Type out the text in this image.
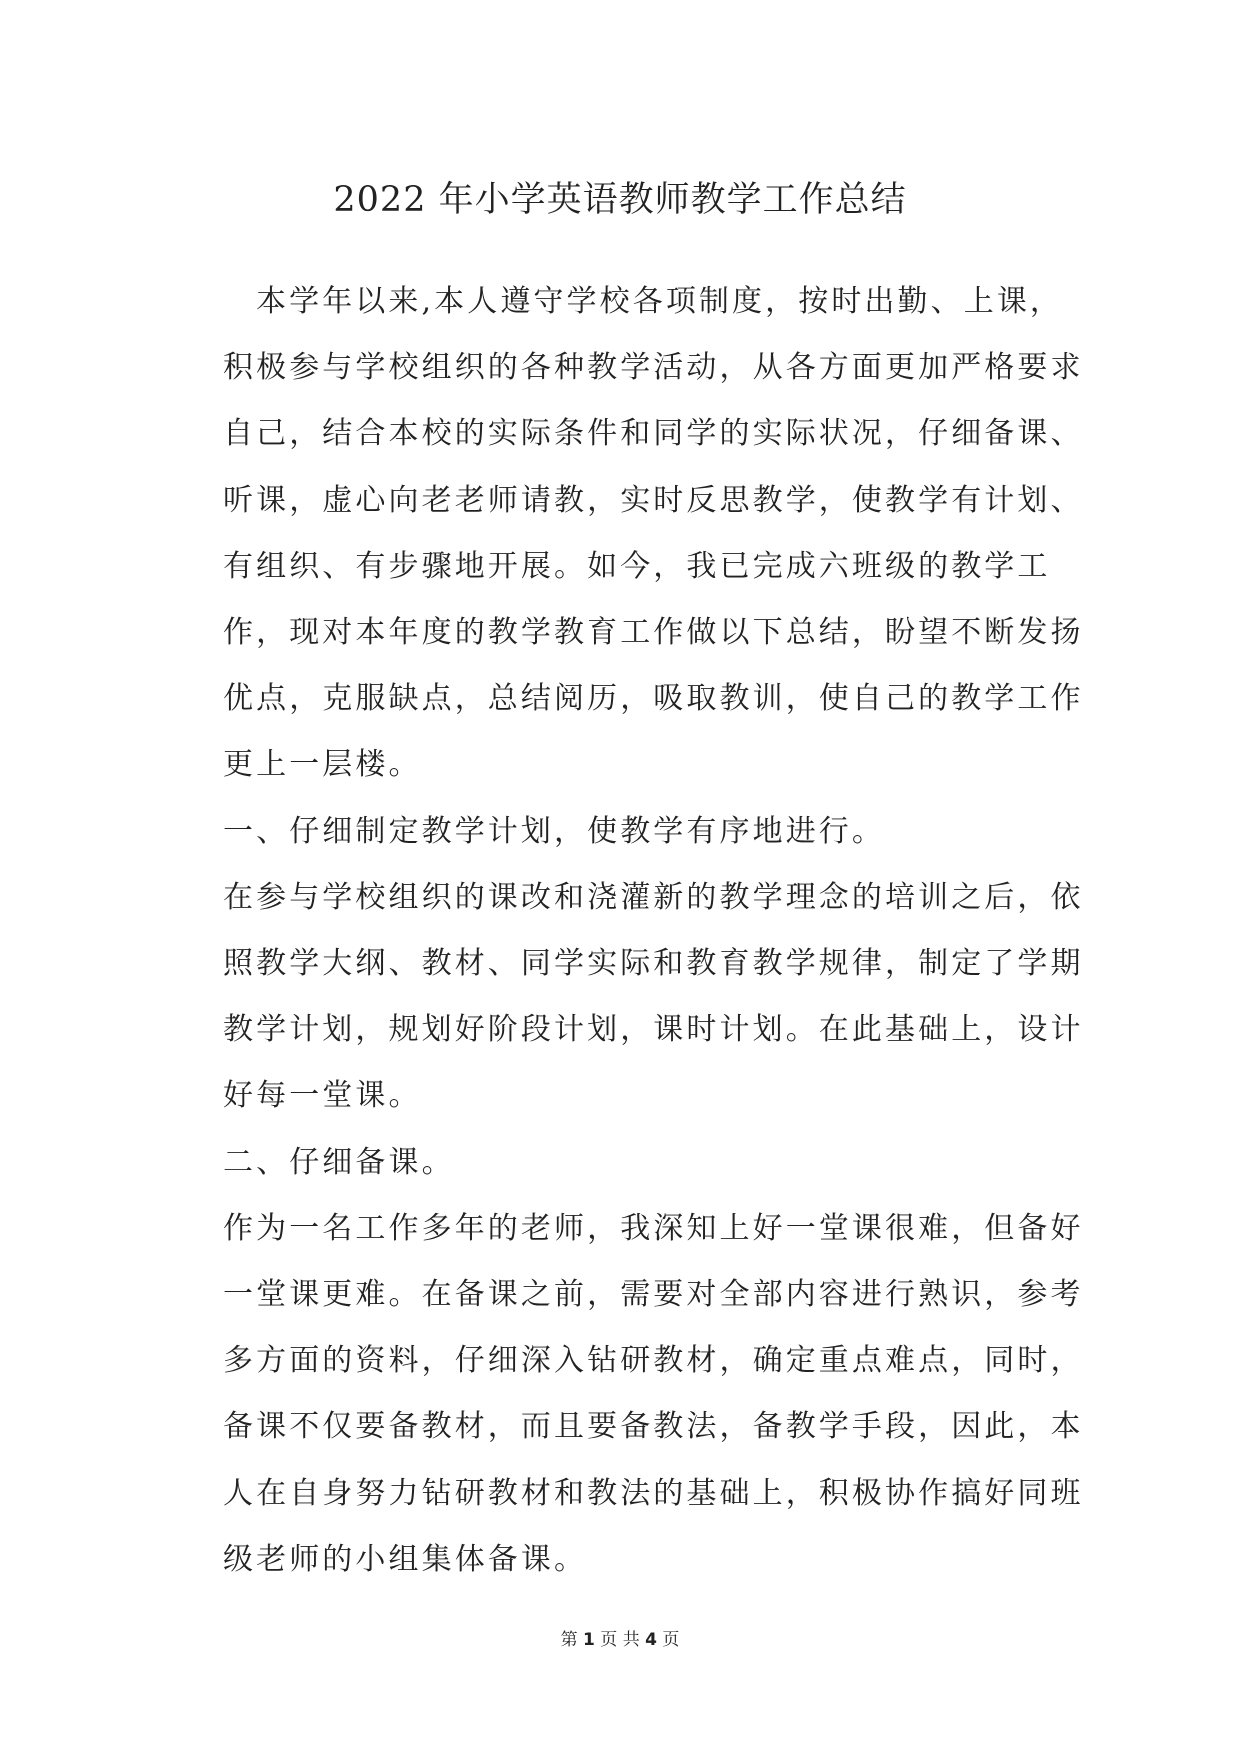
2022 年小学英语教师教学工作总结
本学年以来,本人遵守学校各项制度，按时出勤、上课，
积极参与学校组织的各种教学活动，从各方面更加严格要求
自己，结合本校的实际条件和同学的实际状况，仔细备课、
听课，虚心向老老师请教，实时反思教学，使教学有计划、
有组织、有步骤地开展。如今，我已完成六班级的教学工
作，现对本年度的教学教育工作做以下总结，盼望不断发扬
优点，克服缺点，总结阅历，吸取教训，使自己的教学工作
更上一层楼。
一、仔细制定教学计划，使教学有序地进行。
在参与学校组织的课改和浇灌新的教学理念的培训之后，依
照教学大纲、教材、同学实际和教育教学规律，制定了学期
教学计划，规划好阶段计划，课时计划。在此基础上，设计
好每一堂课。
二、仔细备课。
作为一名工作多年的老师，我深知上好一堂课很难，但备好
一堂课更难。在备课之前，需要对全部内容进行熟识，参考
多方面的资料，仔细深入钻研教材，确定重点难点，同时，
备课不仅要备教材，而且要备教法，备教学手段，因此，本
人在自身努力钻研教材和教法的基础上，积极协作搞好同班
级老师的小组集体备课。
第 1 页 共 4 页
